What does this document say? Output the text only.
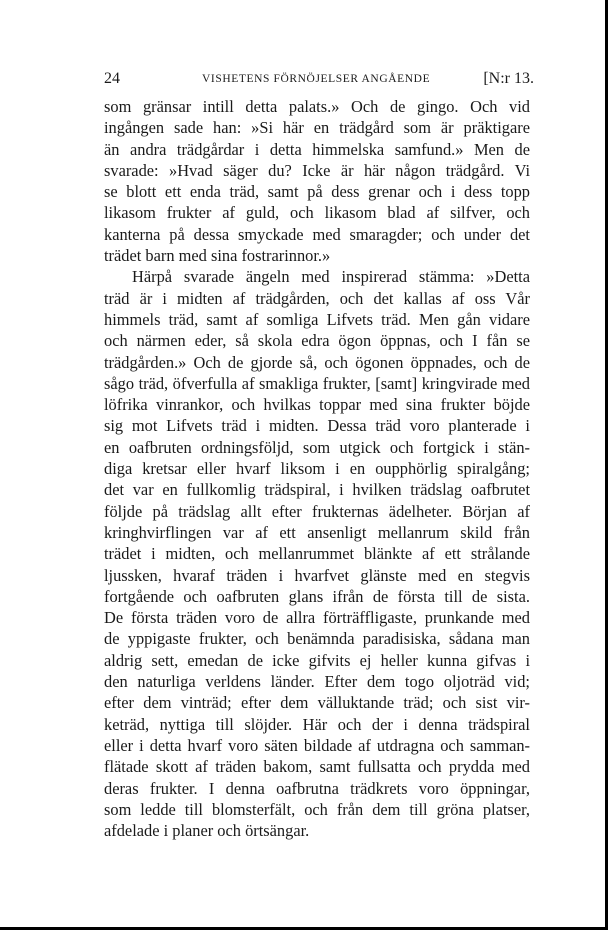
24	VISHETENS FÖRNÖJELSER ANGÅENDE	[N:r 13.
som gränsar intill detta palats.» Och de gingo. Och vid
ingången sade han: »Si här en trädgård som är präktigare
än andra trädgårdar i detta himmelska samfund.» Men de
svarade: »Hvad säger du? Icke är här någon trädgård. Vi
se blott ett enda träd, samt på dess grenar och i dess topp
likasom frukter af guld, och likasom blad af silfver, och
kanterna på dessa smyckade med smaragder; och under det
trädet barn med sina fostrarinnor.»
Härpå svarade ängeln med inspirerad stämma: »Detta
träd är i midten af trädgården, och det kallas af oss Vår
himmels träd, samt af somliga Lifvets träd. Men gån vidare
och närmen eder, så skola edra ögon öppnas, och I fån se
trädgården.» Och de gjorde så, och ögonen öppnades, och de
sågo träd, öfverfulla af smakliga frukter, [samt] kringvirade med
löfrika vinrankor, och hvilkas toppar med sina frukter böjde
sig mot Lifvets träd i midten. Dessa träd voro planterade i
en oafbruten ordningsföljd, som utgick och fortgick i stän-
diga kretsar eller hvarf liksom i en oupphörlig spiralgång;
det var en fullkomlig trädspiral, i hvilken trädslag oafbrutet
följde på trädslag allt efter frukternas ädelheter. Början af
kringhvirflingen var af ett ansenligt mellanrum skild från
trädet i midten, och mellanrummet blänkte af ett strålande
ljussken, hvaraf träden i hvarfvet glänste med en stegvis
fortgående och oafbruten glans ifrån de första till de sista.
De första träden voro de allra förträffligaste, prunkande med
de yppigaste frukter, och benämnda paradisiska, sådana man
aldrig sett, emedan de icke gifvits ej heller kunna gifvas i
den naturliga verldens länder. Efter dem togo oljoträd vid;
efter dem vinträd; efter dem välluktande träd; och sist vir-
keträd, nyttiga till slöjder. Här och der i denna trädspiral
eller i detta hvarf voro säten bildade af utdragna och samman-
flätade skott af träden bakom, samt fullsatta och prydda med
deras frukter. I denna oafbrutna trädkrets voro öppningar,
som ledde till blomsterfält, och från dem till gröna platser,
afdelade i planer och örtsängar.
